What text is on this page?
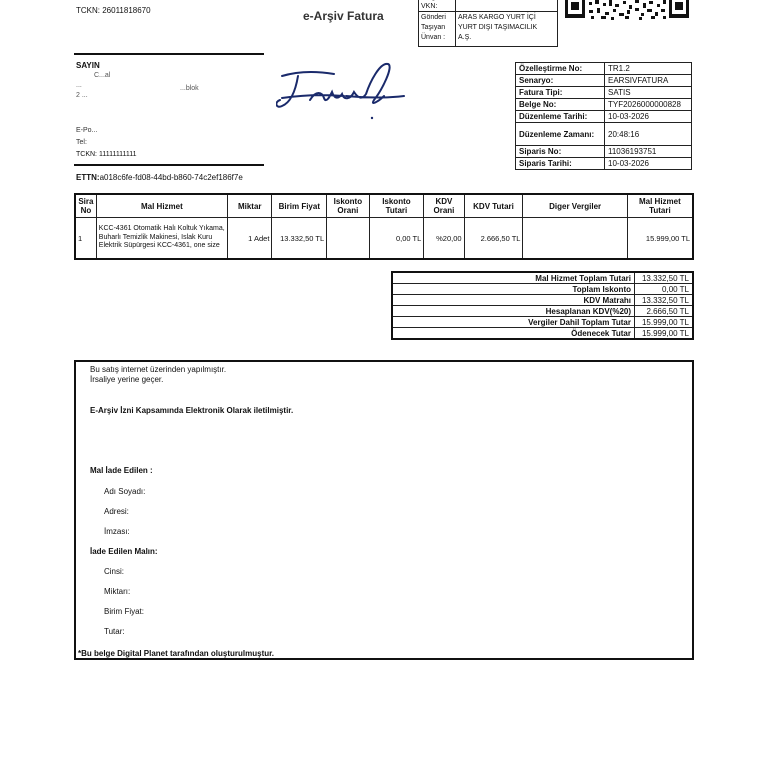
TCKN: 26011818670	e-Arşiv Fatura
VKN:
Gönderi
Taşıyan
Ünvan :
ARAS KARGO YURT İÇİ
YURT DIŞI TAŞIMACILIK
A.Ş.
SAYIN
C...al
...	...blok
2 ...
E-Po...
Tel:
TCKN: 11111111111
Özelleştirme No:	TR1.2
Senaryo:	EARSIVFATURA
Fatura Tipi:	SATIS
Belge No:	TYF2026000000828
Düzenleme Tarihi:	10-03-2026
Düzenleme Zamanı:	20:48:16
Siparis No:	11036193751
Siparis Tarihi:	10-03-2026
ETTN:a018c6fe-fd08-44bd-b860-74c2ef186f7e
Sira No	Mal Hizmet	Miktar	Birim Fiyat	Iskonto Orani	Iskonto Tutari	KDV Orani	KDV Tutari	Diger Vergiler	Mal Hizmet Tutari
1	KCC-4361 Otomatik Halı Koltuk Yıkama, Buharlı Temizlik Makinesi, Islak Kuru Elektrik Süpürgesi KCC-4361, one size	1 Adet	13.332,50 TL		0,00 TL	%20,00	2.666,50 TL		15.999,00 TL
Mal Hizmet Toplam Tutari	13.332,50 TL
Toplam Iskonto	0,00 TL
KDV Matrahı	13.332,50 TL
Hesaplanan KDV(%20)	2.666,50 TL
Vergiler Dahil Toplam Tutar	15.999,00 TL
Ödenecek Tutar	15.999,00 TL
Bu satış internet üzerinden yapılmıştır.
İrsaliye yerine geçer.
E-Arşiv İzni Kapsamında Elektronik Olarak iletilmiştir.
Mal İade Edilen :
Adı Soyadı:
Adresi:
İmzası:
İade Edilen Malın:
Cinsi:
Miktarı:
Birim Fiyat:
Tutar:
*Bu belge Digital Planet tarafından oluşturulmuştur.
